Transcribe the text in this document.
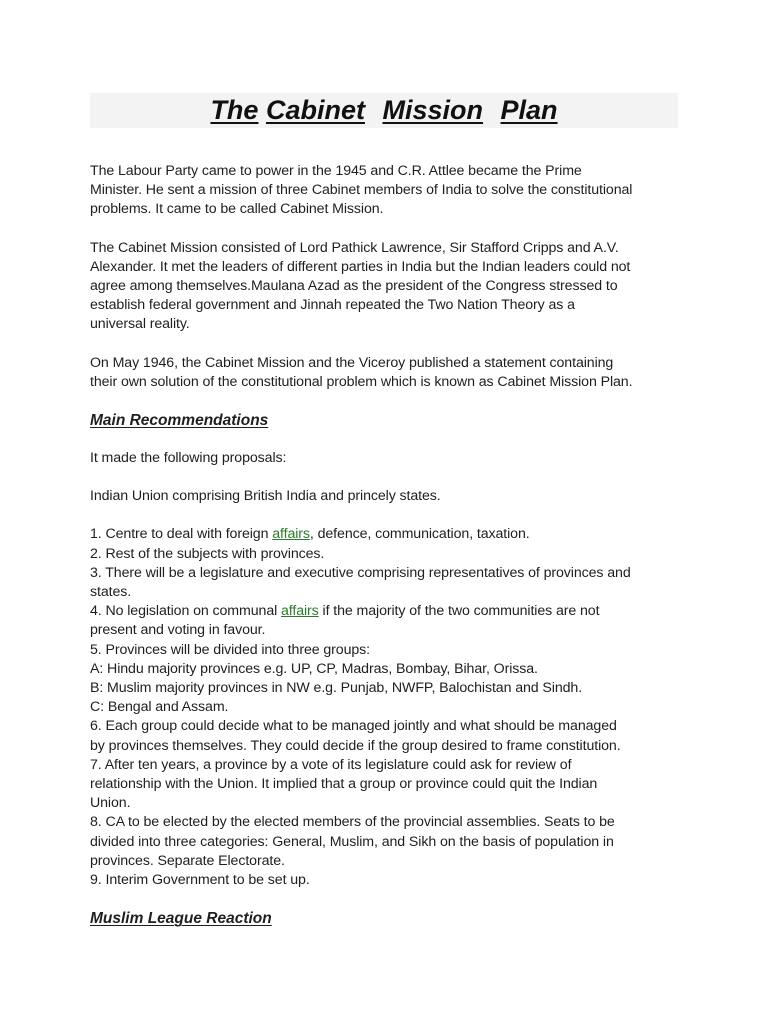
The Cabinet Mission Plan

The Labour Party came to power in the 1945 and C.R. Attlee became the Prime
Minister. He sent a mission of three Cabinet members of India to solve the constitutional
problems. It came to be called Cabinet Mission.

The Cabinet Mission consisted of Lord Pathick Lawrence, Sir Stafford Cripps and A.V.
Alexander. It met the leaders of different parties in India but the Indian leaders could not
agree among themselves.Maulana Azad as the president of the Congress stressed to
establish federal government and Jinnah repeated the Two Nation Theory as a
universal reality.

On May 1946, the Cabinet Mission and the Viceroy published a statement containing
their own solution of the constitutional problem which is known as Cabinet Mission Plan.

Main Recommendations

It made the following proposals:

Indian Union comprising British India and princely states.

1. Centre to deal with foreign affairs, defence, communication, taxation.
2. Rest of the subjects with provinces.
3. There will be a legislature and executive comprising representatives of provinces and
states.
4. No legislation on communal affairs if the majority of the two communities are not
present and voting in favour.
5. Provinces will be divided into three groups:
A: Hindu majority provinces e.g. UP, CP, Madras, Bombay, Bihar, Orissa.
B: Muslim majority provinces in NW e.g. Punjab, NWFP, Balochistan and Sindh.
C: Bengal and Assam.
6. Each group could decide what to be managed jointly and what should be managed
by provinces themselves. They could decide if the group desired to frame constitution.
7. After ten years, a province by a vote of its legislature could ask for review of
relationship with the Union. It implied that a group or province could quit the Indian
Union.
8. CA to be elected by the elected members of the provincial assemblies. Seats to be
divided into three categories: General, Muslim, and Sikh on the basis of population in
provinces. Separate Electorate.
9. Interim Government to be set up.
Muslim League Reaction
